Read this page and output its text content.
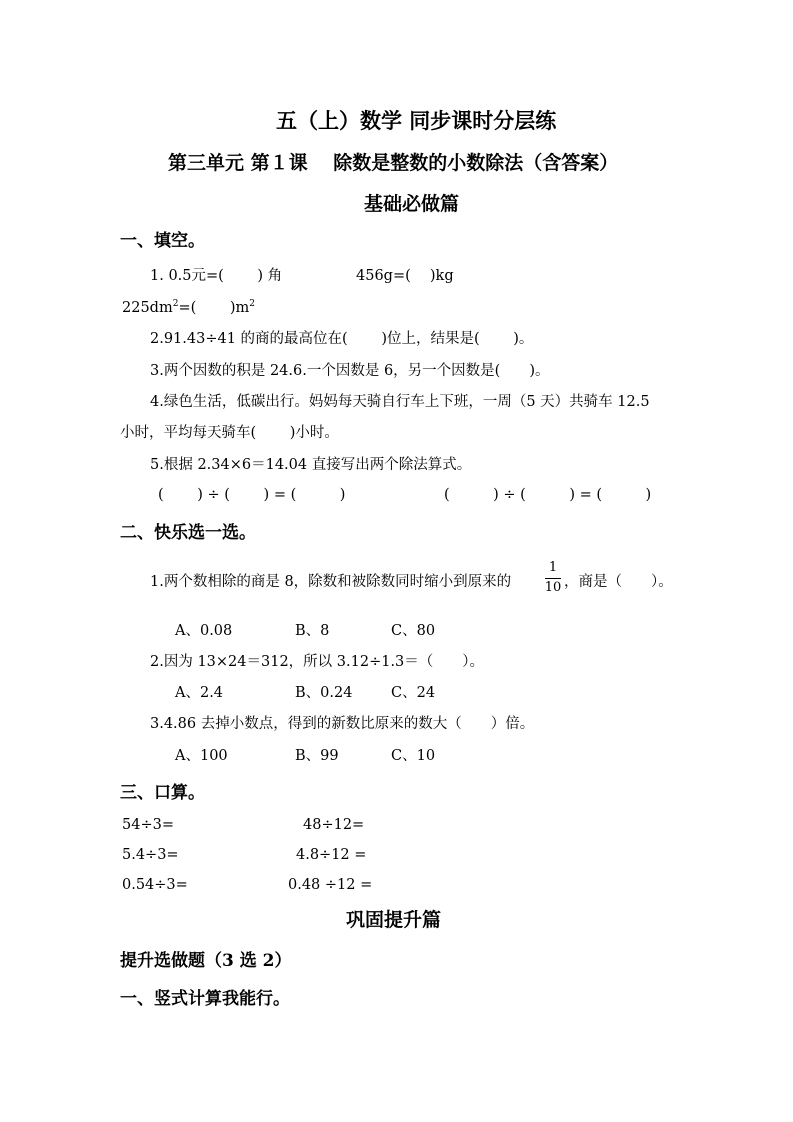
五（上）数学 同步课时分层练
第三单元 第１课　 除数是整数的小数除法（含答案）
基础必做篇
一、填空。
1. 0.5元=(　　 ) 角	456g=(　 )kg
$225dm^2=$(　　 )$m^2$
2.91.43÷41 的商的最高位在(　　 )位上，结果是(　　 )。
3.两个因数的积是 24.6.一个因数是 6，另一个因数是(　　)。
4.绿色生活，低碳出行。妈妈每天骑自行车上下班，一周（5 天）共骑车 12.5
小时，平均每天骑车(　　 )小时。
5.根据 2.34×6＝14.04 直接写出两个除法算式。
(　　 ) ÷ (　　 ) = (　　　)	(　　　) ÷ (　　　) = (　　　)
二、快乐选一选。
1.两个数相除的商是 8，除数和被除数同时缩小到原来的
1
10 ，商是（　　）。
A、0.08	B、8	C、80
2.因为 13×24＝312，所以 3.12÷1.3＝（　　）。
A、2.4	B、0.24	C、24
3.4.86 去掉小数点，得到的新数比原来的数大（　　）倍。
A、100	B、99	C、10
三、口算。
54÷3=	48÷12=
5.4÷3=	4.8÷12 =
0.54÷3=	0.48 ÷12 =
巩固提升篇
提升选做题（3 选 2）
一、竖式计算我能行。
